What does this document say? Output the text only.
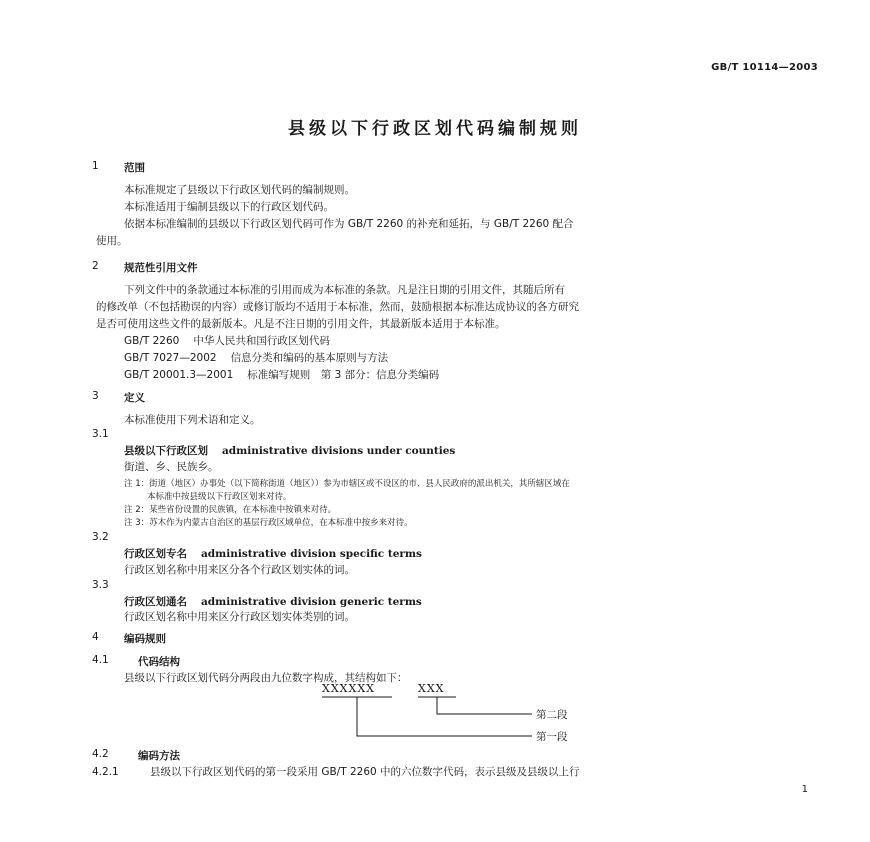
GB/T 10114—2003
县级以下行政区划代码编制规则
1 范围
本标准规定了县级以下行政区划代码的编制规则。
本标准适用于编制县级以下的行政区划代码。
依据本标准编制的县级以下行政区划代码可作为 GB/T 2260 的补充和延拓，与 GB/T 2260 配合
使用。
2 规范性引用文件
下列文件中的条款通过本标准的引用而成为本标准的条款。凡是注日期的引用文件，其随后所有
的修改单（不包括勘误的内容）或修订版均不适用于本标准，然而，鼓励根据本标准达成协议的各方研究
是否可使用这些文件的最新版本。凡是不注日期的引用文件，其最新版本适用于本标准。
GB/T 2260 中华人民共和国行政区划代码
GB/T 7027—2002 信息分类和编码的基本原则与方法
GB/T 20001.3—2001 标准编写规则　第 3 部分：信息分类编码
3 定义
本标准使用下列术语和定义。
3.1
县级以下行政区划 administrative divisions under counties
街道、乡、民族乡。
注 1：街道（地区）办事处（以下简称街道（地区））参为市辖区或不设区的市、县人民政府的派出机关，其所辖区域在
本标准中按县级以下行政区划来对待。
注 2：某些省份设置的民族镇，在本标准中按镇来对待。
注 3：苏木作为内蒙古自治区的基层行政区域单位，在本标准中按乡来对待。
3.2
行政区划专名 administrative division specific terms
行政区划名称中用来区分各个行政区划实体的词。
3.3
行政区划通名 administrative division generic terms
行政区划名称中用来区分行政区划实体类别的词。
4 编码规则
4.1	代码结构
县级以下行政区划代码分两段由九位数字构成，其结构如下：
XXXXXX	XXX
第二段
第一段
4.2	编码方法
4.2.1	县级以下行政区划代码的第一段采用 GB/T 2260 中的六位数字代码，表示县级及县级以上行
1
